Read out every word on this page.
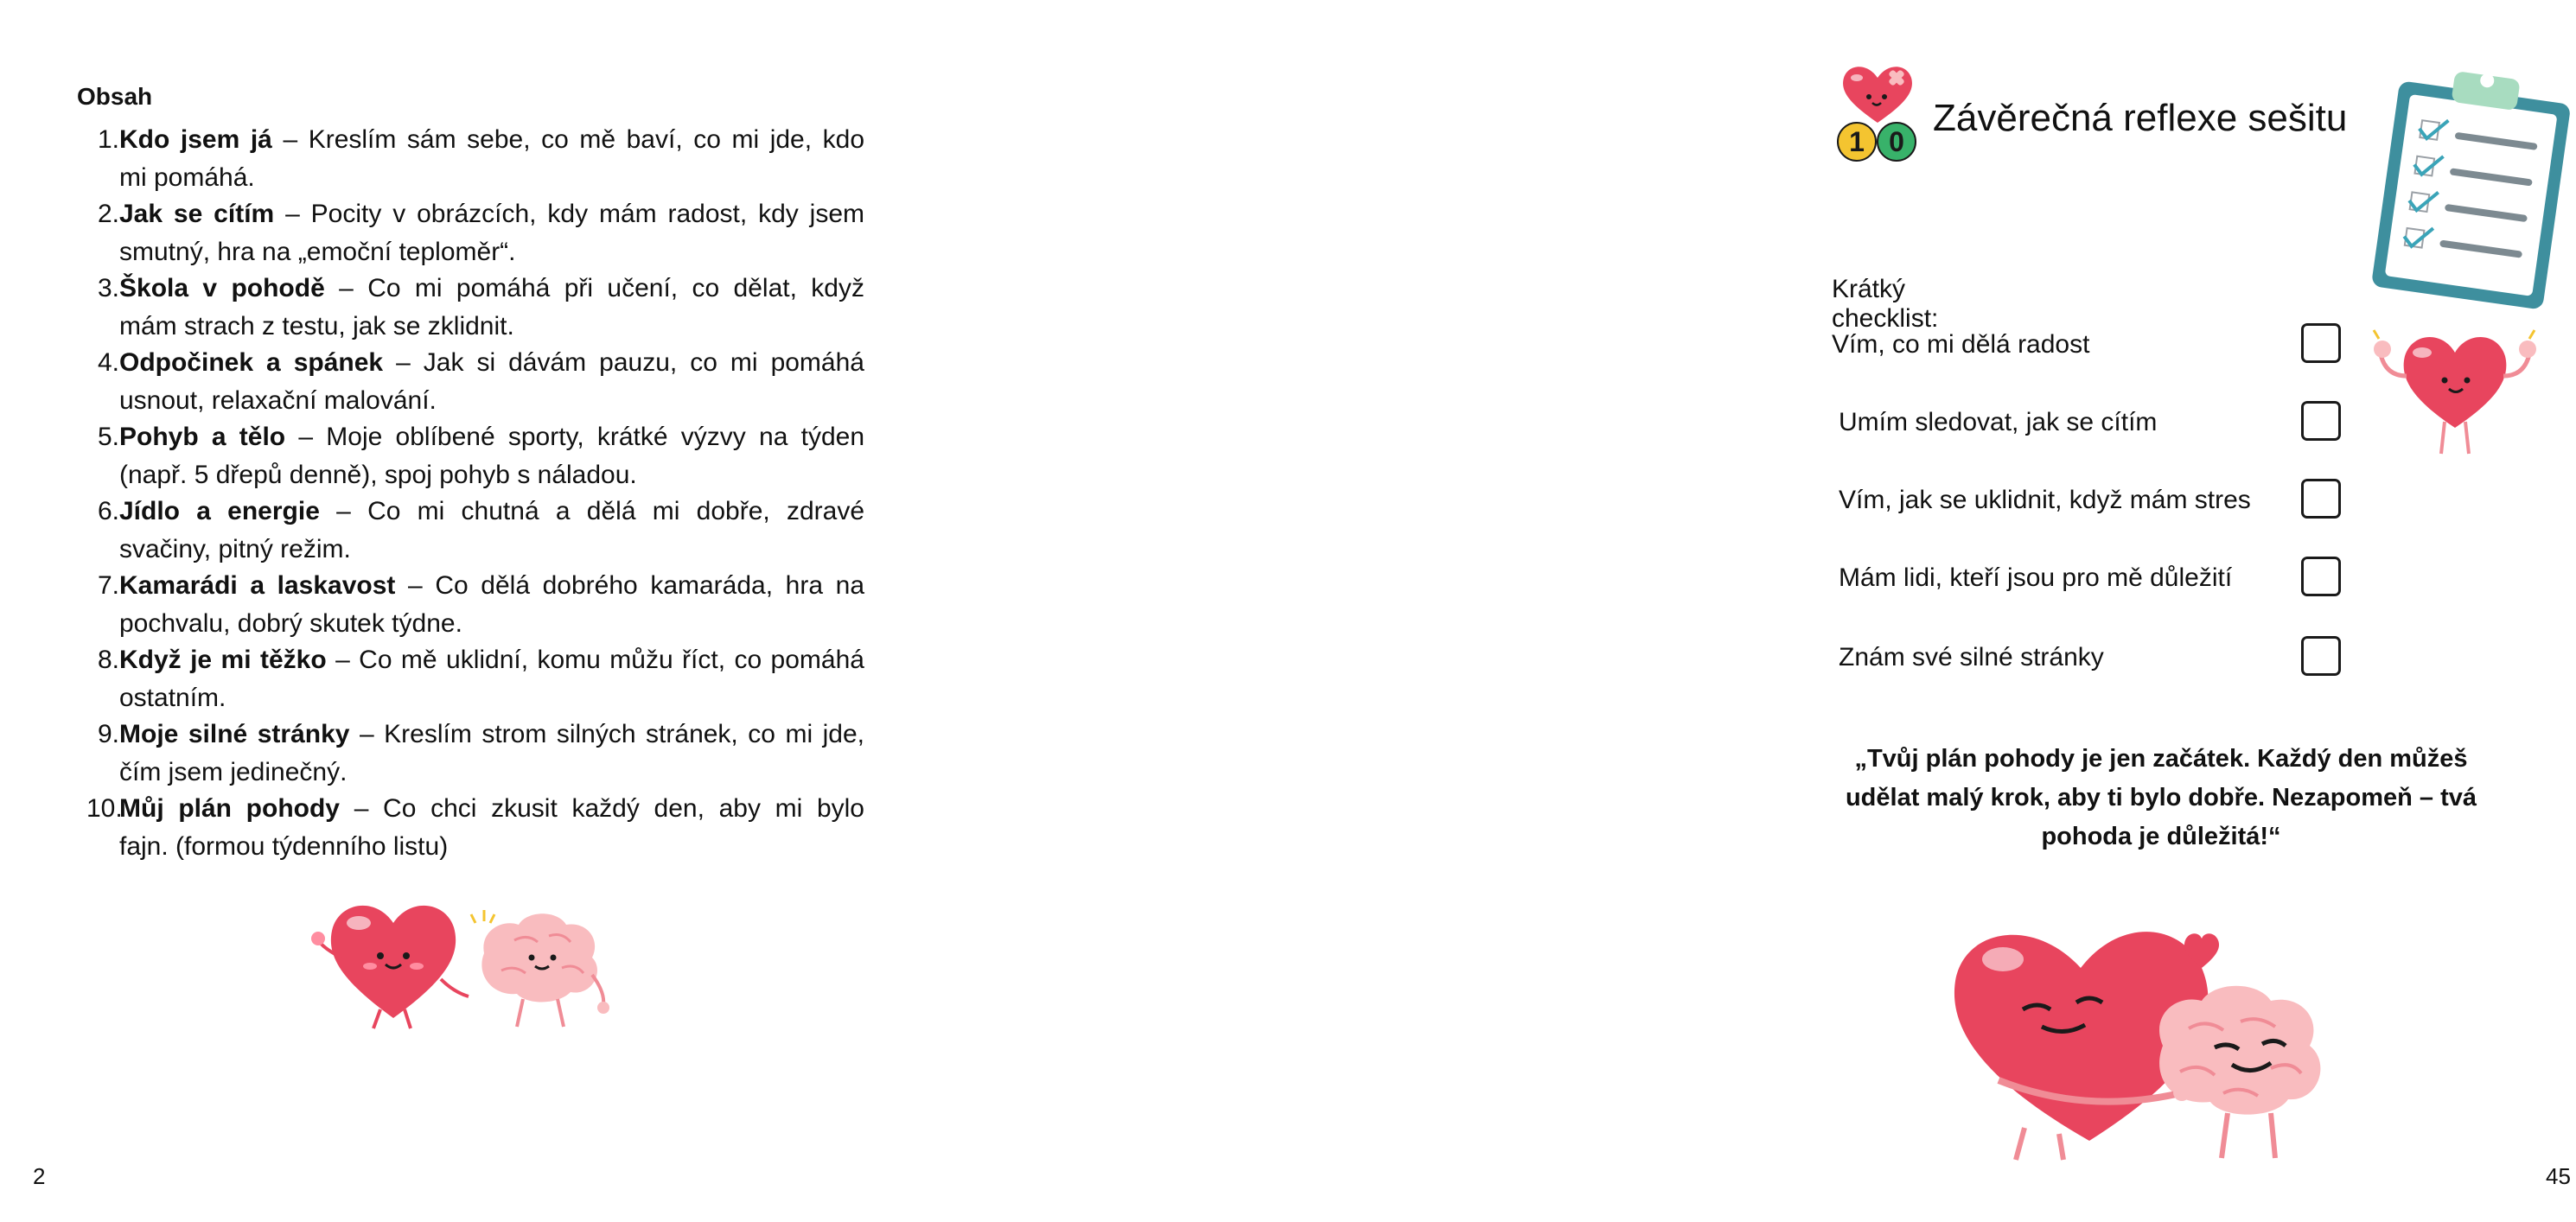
Obsah
1. Kdo jsem já – Kreslím sám sebe, co mě baví, co mi jde, kdo
mi pomáhá.
2. Jak se cítím – Pocity v obrázcích, kdy mám radost, kdy jsem
smutný, hra na „emoční teploměr“.
3. Škola v pohodě – Co mi pomáhá při učení, co dělat, když
mám strach z testu, jak se zklidnit.
4. Odpočinek a spánek – Jak si dávám pauzu, co mi pomáhá
usnout, relaxační malování.
5. Pohyb a tělo – Moje oblíbené sporty, krátké výzvy na týden
(např. 5 dřepů denně), spoj pohyb s náladou.
6. Jídlo a energie – Co mi chutná a dělá mi dobře, zdravé
svačiny, pitný režim.
7. Kamarádi a laskavost – Co dělá dobrého kamaráda, hra na
pochvalu, dobrý skutek týdne.
8. Když je mi těžko – Co mě uklidní, komu můžu říct, co pomáhá
ostatním.
9. Moje silné stránky – Kreslím strom silných stránek, co mi jde,
čím jsem jedinečný.
10.
Můj plán pohody – Co chci zkusit každý den, aby mi bylo
fajn. (formou týdenního listu)
2
1 0
Závěrečná reflexe sešitu
Krátký checklist:
Vím, co mi dělá radost
Umím sledovat, jak se cítím
Vím, jak se uklidnit, když mám stres
Mám lidi, kteří jsou pro mě důležití
Znám své silné stránky
„Tvůj plán pohody je jen začátek. Každý den můžeš
udělat malý krok, aby ti bylo dobře. Nezapomeň – tvá
pohoda je důležitá!“
45
